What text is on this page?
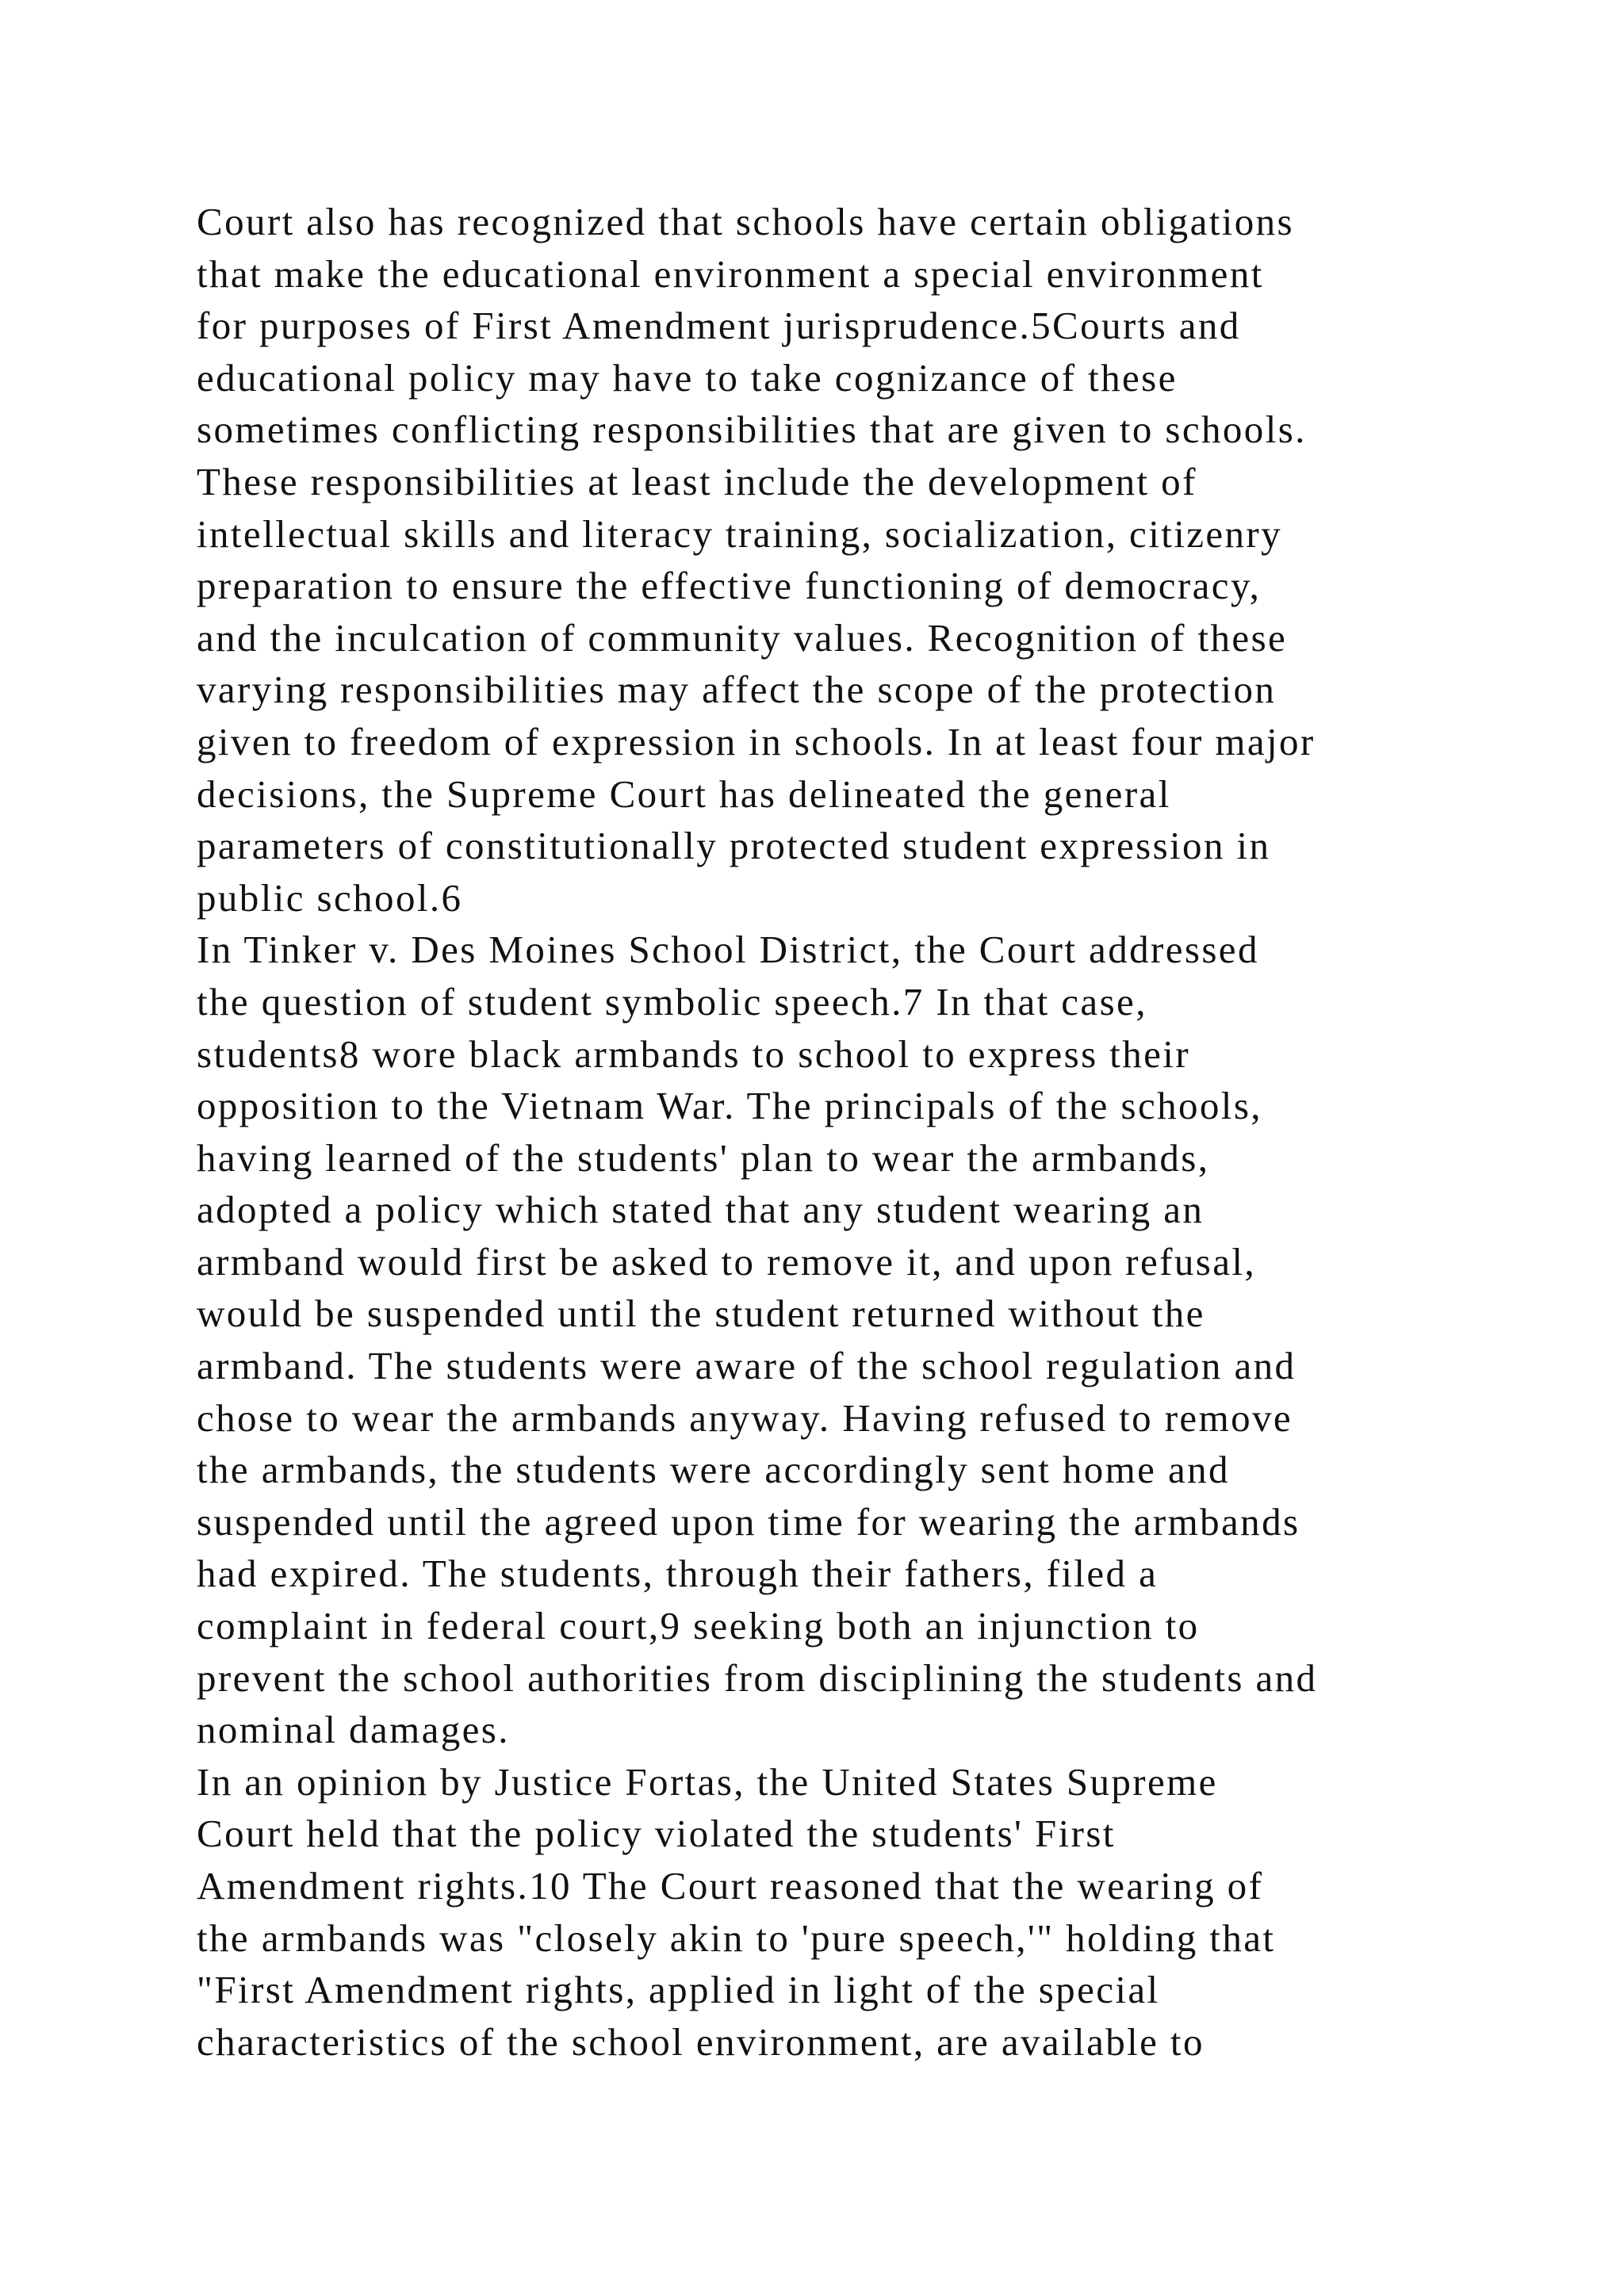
Court also has recognized that schools have certain obligations
that make the educational environment a special environment
for purposes of First Amendment jurisprudence.5Courts and
educational policy may have to take cognizance of these
sometimes conflicting responsibilities that are given to schools.
These responsibilities at least include the development of
intellectual skills and literacy training, socialization, citizenry
preparation to ensure the effective functioning of democracy,
and the inculcation of community values. Recognition of these
varying responsibilities may affect the scope of the protection
given to freedom of expression in schools. In at least four major
decisions, the Supreme Court has delineated the general
parameters of constitutionally protected student expression in
public school.6
In Tinker v. Des Moines School District, the Court addressed
the question of student symbolic speech.7 In that case,
students8 wore black armbands to school to express their
opposition to the Vietnam War. The principals of the schools,
having learned of the students' plan to wear the armbands,
adopted a policy which stated that any student wearing an
armband would first be asked to remove it, and upon refusal,
would be suspended until the student returned without the
armband. The students were aware of the school regulation and
chose to wear the armbands anyway. Having refused to remove
the armbands, the students were accordingly sent home and
suspended until the agreed upon time for wearing the armbands
had expired. The students, through their fathers, filed a
complaint in federal court,9 seeking both an injunction to
prevent the school authorities from disciplining the students and
nominal damages.
In an opinion by Justice Fortas, the United States Supreme
Court held that the policy violated the students' First
Amendment rights.10 The Court reasoned that the wearing of
the armbands was "closely akin to 'pure speech,'" holding that
"First Amendment rights, applied in light of the special
characteristics of the school environment, are available to
